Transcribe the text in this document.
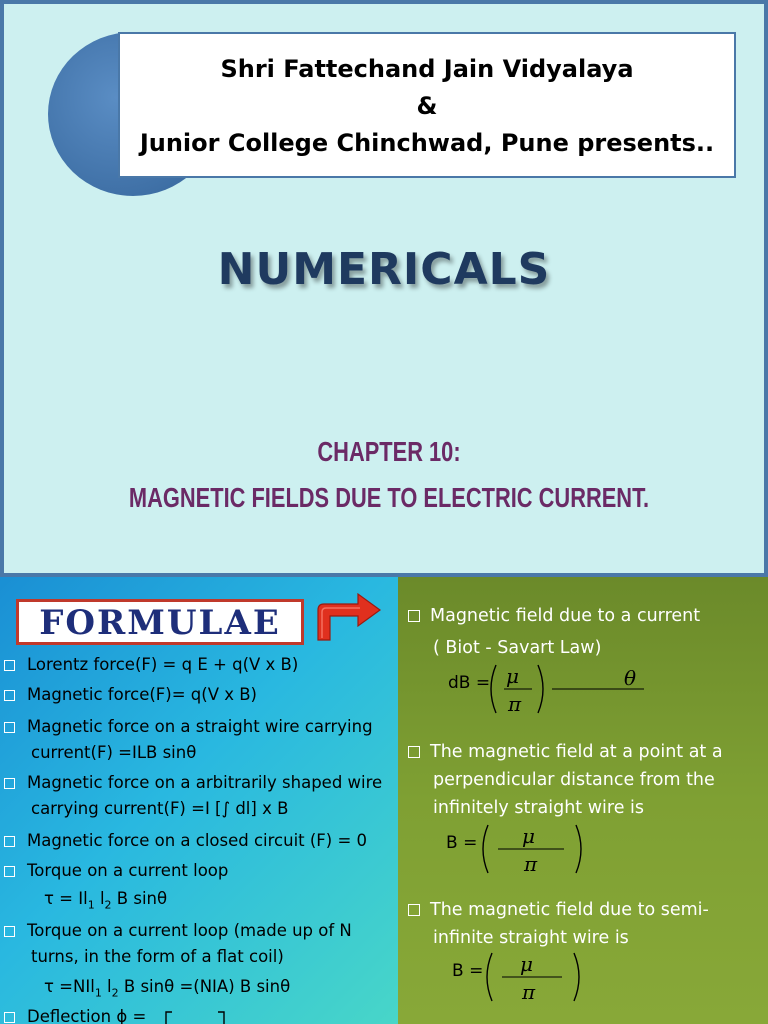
Shri Fattechand Jain Vidyalaya
&
Junior College Chinchwad, Pune presents..
NUMERICALS
CHAPTER 10:
MAGNETIC FIELDS DUE TO ELECTRIC CURRENT.
FORMULAE
Lorentz force(F) = q E + q(V x B)
Magnetic force(F)= q(V x B)
Magnetic force on a straight wire carrying
current(F) =ILB sinθ
Magnetic force on a arbitrarily shaped wire
carrying current(F) =I [∫ dl] x B
Magnetic force on a closed circuit (F) = 0
Torque on a current loop
$\tau = Il_1$ $l_2$ B sinθ
Torque on a current loop (made up of N
turns, in the form of a flat coil)
τ =NIl$_1$ $l_2$ B sinθ =(NIA) B sinθ
Deflection ϕ =
Magnetic field due to a current
( Biot - Savart Law)
dB = μ
π
θ
The magnetic field at a point at a
perpendicular distance from the
infinitely straight wire is
B = μ
π
The magnetic field due to semi-
infinite straight wire is
B = μ
π
